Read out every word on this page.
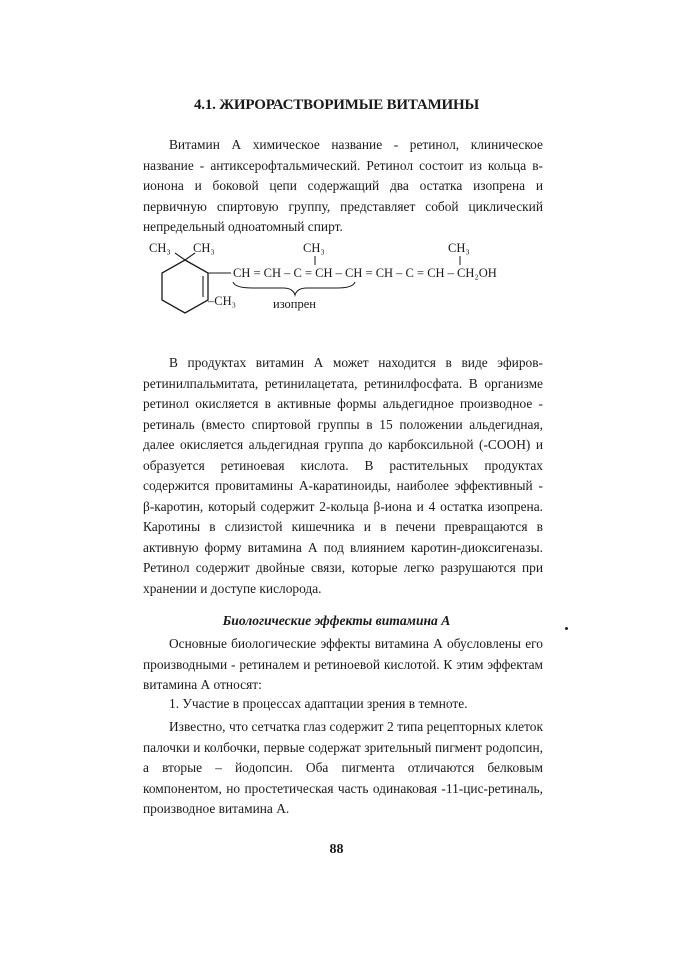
4.1. ЖИРОРАСТВОРИМЫЕ ВИТАМИНЫ

Витамин А химическое название - ретинол, клиническое название - антиксерофтальмический. Ретинол состоит из кольца в-ионона и боковой цепи содержащий два остатка изопрена и первичную спиртовую группу, представляет собой циклический непредельный одноатомный спирт.

CH₃ CH₃
CH = CH – C = CH – CH = CH – C = CH – CH₂OH
–CH₃
CH₃	CH₃
изопрен

В продуктах витамин А может находится в виде эфиров-ретинилпальмитата, ретинилацетата, ретинилфосфата. В организме ретинол окисляется в активные формы альдегидное производное - ретиналь (вместо спиртовой группы в 15 положении альдегидная, далее окисляется альдегидная группа до карбоксильной (-СООН) и образуется ретиноевая кислота. В растительных продуктах содержится провитамины А-каратиноиды, наиболее эффективный - β-каротин, который содержит 2-кольца β-иона и 4 остатка изопрена. Каротины в слизистой кишечника и в печени превращаются в активную форму витамина А под влиянием каротин-диоксигеназы. Ретинол содержит двойные связи, которые легко разрушаются при хранении и доступе кислорода.

Биологические эффекты витамина А

Основные биологические эффекты витамина А обусловлены его производными - ретиналем и ретиноевой кислотой. К этим эффектам витамина А относят:

1. Участие в процессах адаптации зрения в темноте.

Известно, что сетчатка глаз содержит 2 типа рецепторных клеток палочки и колбочки, первые содержат зрительный пигмент родопсин, а вторые – йодопсин. Оба пигмента отличаются белковым компонентом, но простетическая часть одинаковая -11-цис-ретиналь, производное витамина А.

88
